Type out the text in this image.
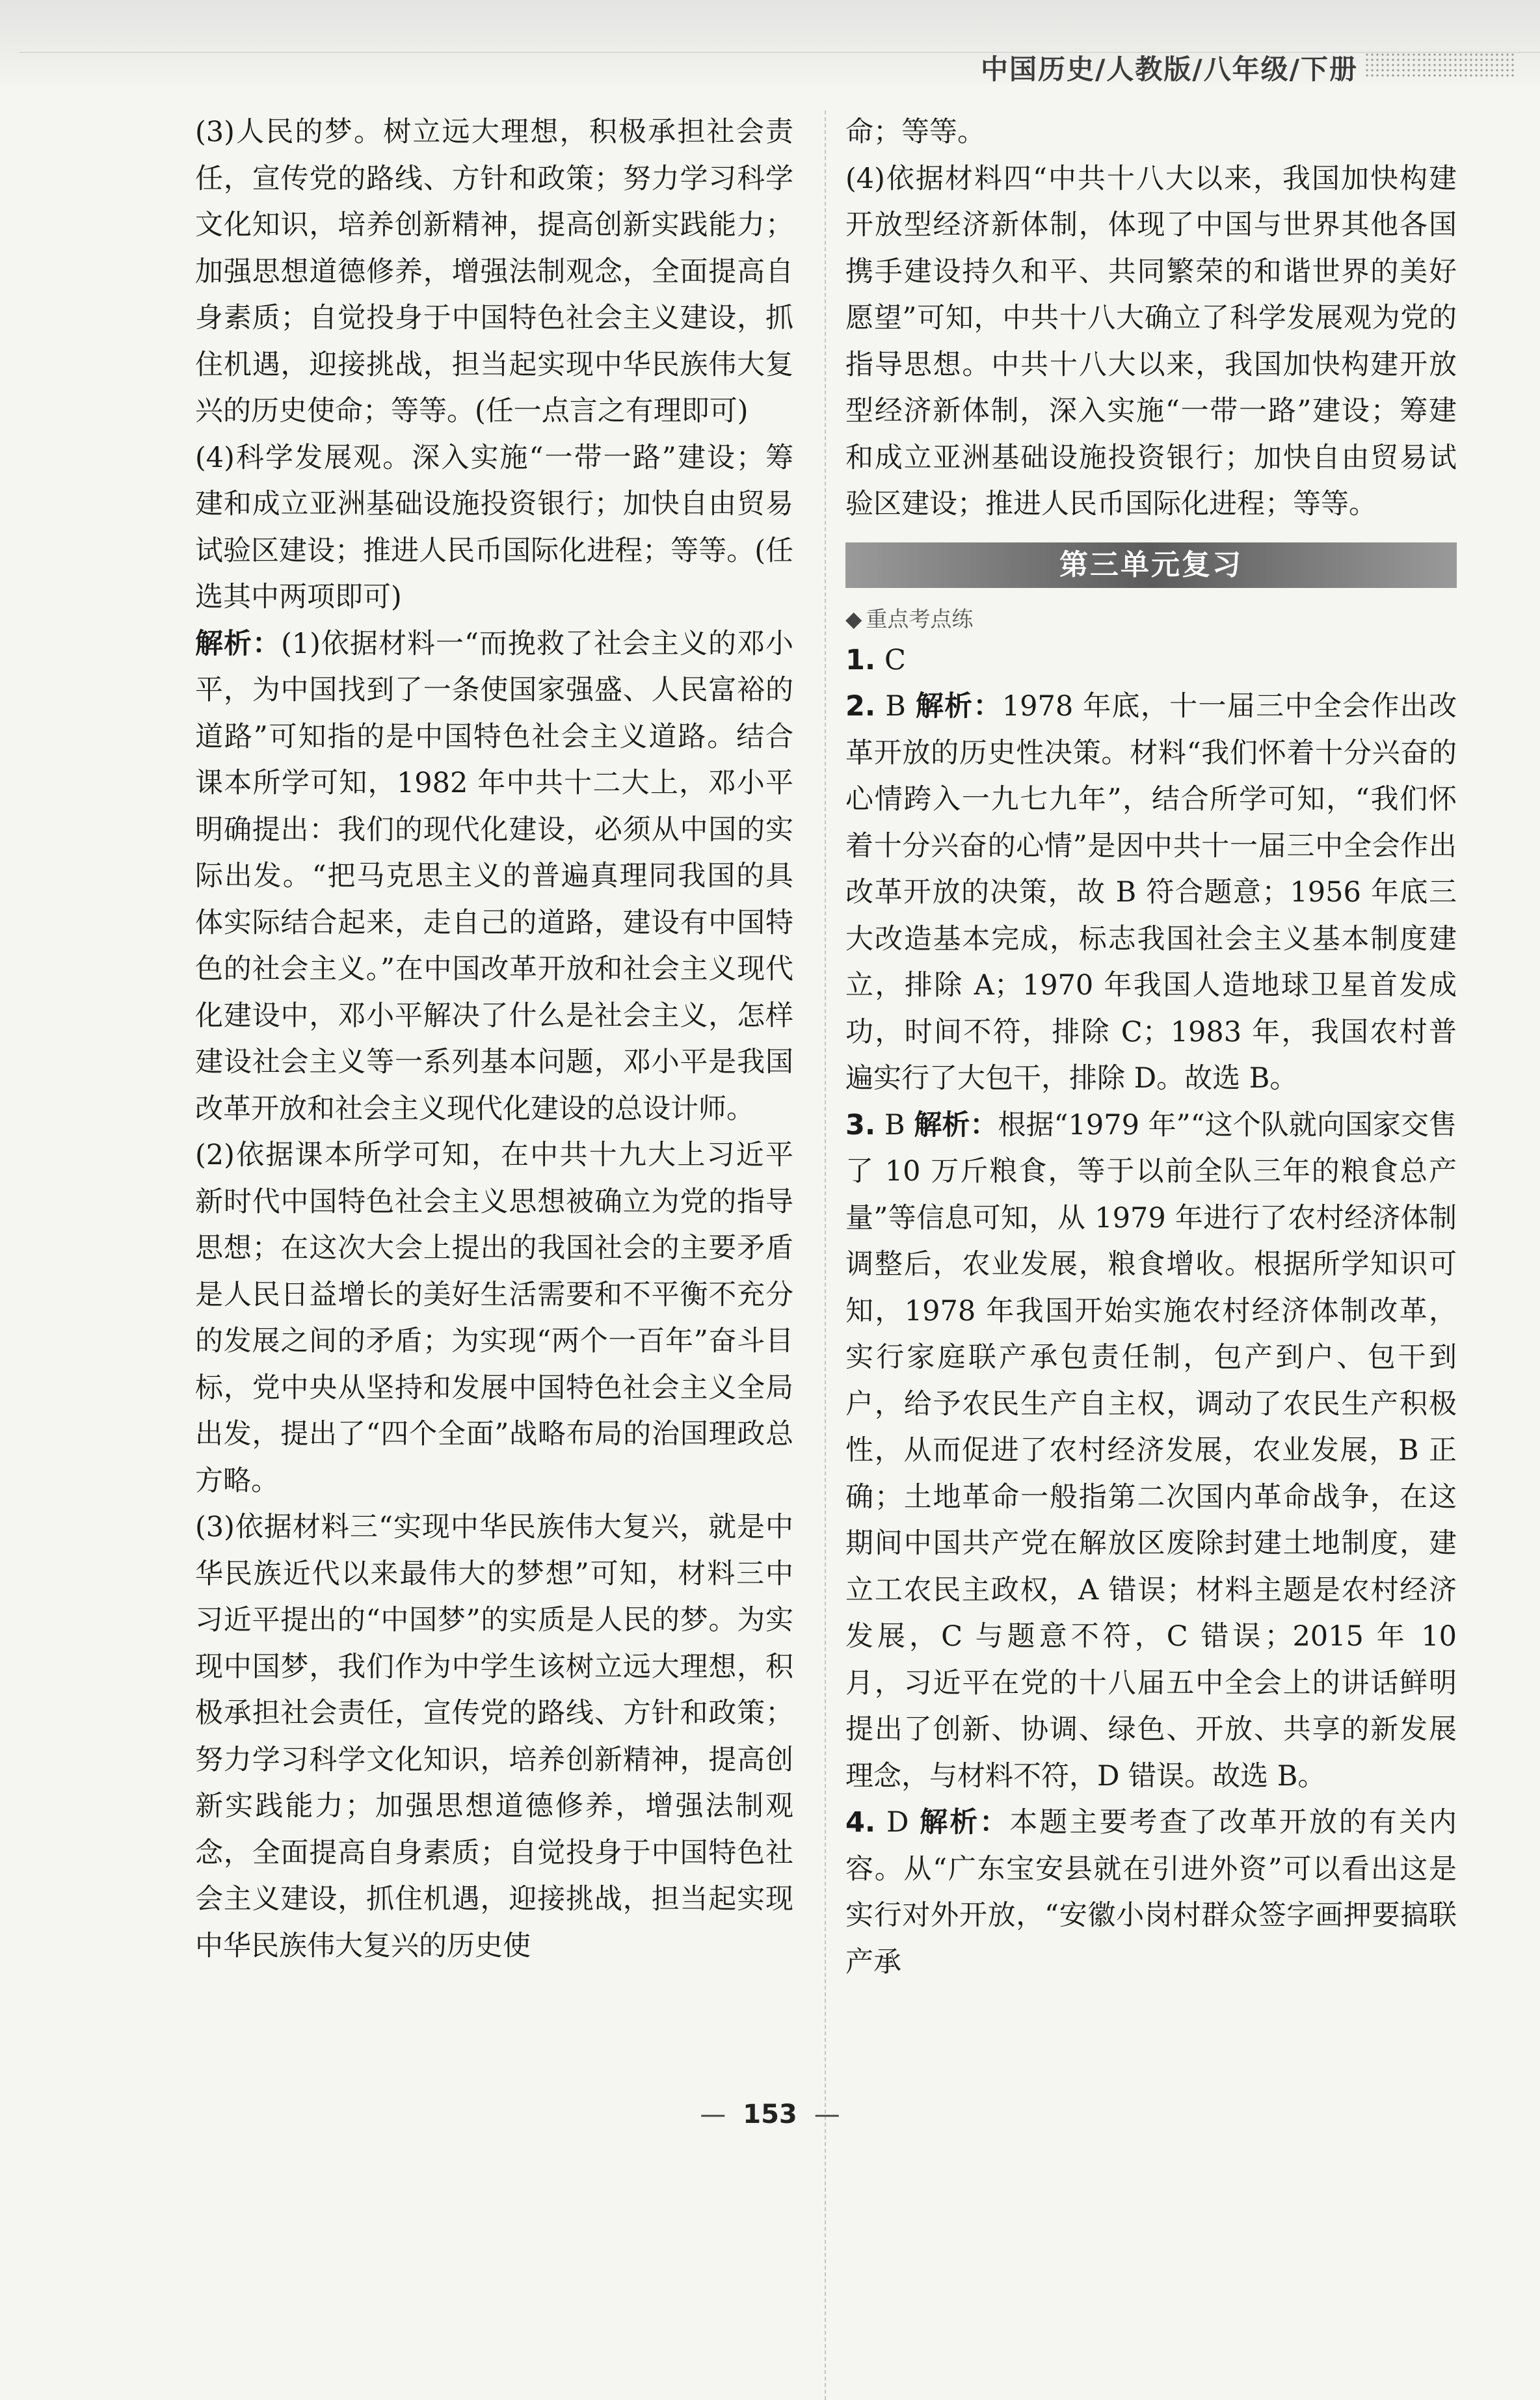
中国历史/人教版/八年级/下册

(3)人民的梦。树立远大理想，积极承担社会责任，宣传党的路线、方针和政策；努力学习科学文化知识，培养创新精神，提高创新实践能力；加强思想道德修养，增强法制观念，全面提高自身素质；自觉投身于中国特色社会主义建设，抓住机遇，迎接挑战，担当起实现中华民族伟大复兴的历史使命；等等。(任一点言之有理即可)

(4)科学发展观。深入实施“一带一路”建设；筹建和成立亚洲基础设施投资银行；加快自由贸易试验区建设；推进人民币国际化进程；等等。(任选其中两项即可)

解析：(1)依据材料一“而挽救了社会主义的邓小平，为中国找到了一条使国家强盛、人民富裕的道路”可知指的是中国特色社会主义道路。结合课本所学可知，1982 年中共十二大上，邓小平明确提出：我们的现代化建设，必须从中国的实际出发。“把马克思主义的普遍真理同我国的具体实际结合起来，走自己的道路，建设有中国特色的社会主义。”在中国改革开放和社会主义现代化建设中，邓小平解决了什么是社会主义，怎样建设社会主义等一系列基本问题，邓小平是我国改革开放和社会主义现代化建设的总设计师。

(2)依据课本所学可知，在中共十九大上习近平新时代中国特色社会主义思想被确立为党的指导思想；在这次大会上提出的我国社会的主要矛盾是人民日益增长的美好生活需要和不平衡不充分的发展之间的矛盾；为实现“两个一百年”奋斗目标，党中央从坚持和发展中国特色社会主义全局出发，提出了“四个全面”战略布局的治国理政总方略。

(3)依据材料三“实现中华民族伟大复兴，就是中华民族近代以来最伟大的梦想”可知，材料三中习近平提出的“中国梦”的实质是人民的梦。为实现中国梦，我们作为中学生该树立远大理想，积极承担社会责任，宣传党的路线、方针和政策；努力学习科学文化知识，培养创新精神，提高创新实践能力；加强思想道德修养，增强法制观念，全面提高自身素质；自觉投身于中国特色社会主义建设，抓住机遇，迎接挑战，担当起实现中华民族伟大复兴的历史使

命；等等。

(4)依据材料四“中共十八大以来，我国加快构建开放型经济新体制，体现了中国与世界其他各国携手建设持久和平、共同繁荣的和谐世界的美好愿望”可知，中共十八大确立了科学发展观为党的指导思想。中共十八大以来，我国加快构建开放型经济新体制，深入实施“一带一路”建设；筹建和成立亚洲基础设施投资银行；加快自由贸易试验区建设；推进人民币国际化进程；等等。

第三单元复习
◆ 重点考点练

1. C

2. B 解析：1978 年底，十一届三中全会作出改革开放的历史性决策。材料“我们怀着十分兴奋的心情跨入一九七九年”，结合所学可知，“我们怀着十分兴奋的心情”是因中共十一届三中全会作出改革开放的决策，故 B 符合题意；1956 年底三大改造基本完成，标志我国社会主义基本制度建立，排除 A；1970 年我国人造地球卫星首发成功，时间不符，排除 C；1983 年，我国农村普遍实行了大包干，排除 D。故选 B。

3. B 解析：根据“1979 年”“这个队就向国家交售了 10 万斤粮食，等于以前全队三年的粮食总产量”等信息可知，从 1979 年进行了农村经济体制调整后，农业发展，粮食增收。根据所学知识可知，1978 年我国开始实施农村经济体制改革，实行家庭联产承包责任制，包产到户、包干到户，给予农民生产自主权，调动了农民生产积极性，从而促进了农村经济发展，农业发展，B 正确；土地革命一般指第二次国内革命战争，在这期间中国共产党在解放区废除封建土地制度，建立工农民主政权，A 错误；材料主题是农村经济发展，C 与题意不符，C 错误；2015 年 10 月，习近平在党的十八届五中全会上的讲话鲜明提出了创新、协调、绿色、开放、共享的新发展理念，与材料不符，D 错误。故选 B。

4. D 解析：本题主要考查了改革开放的有关内容。从“广东宝安县就在引进外资”可以看出这是实行对外开放，“安徽小岗村群众签字画押要搞联产承

— 153 —
